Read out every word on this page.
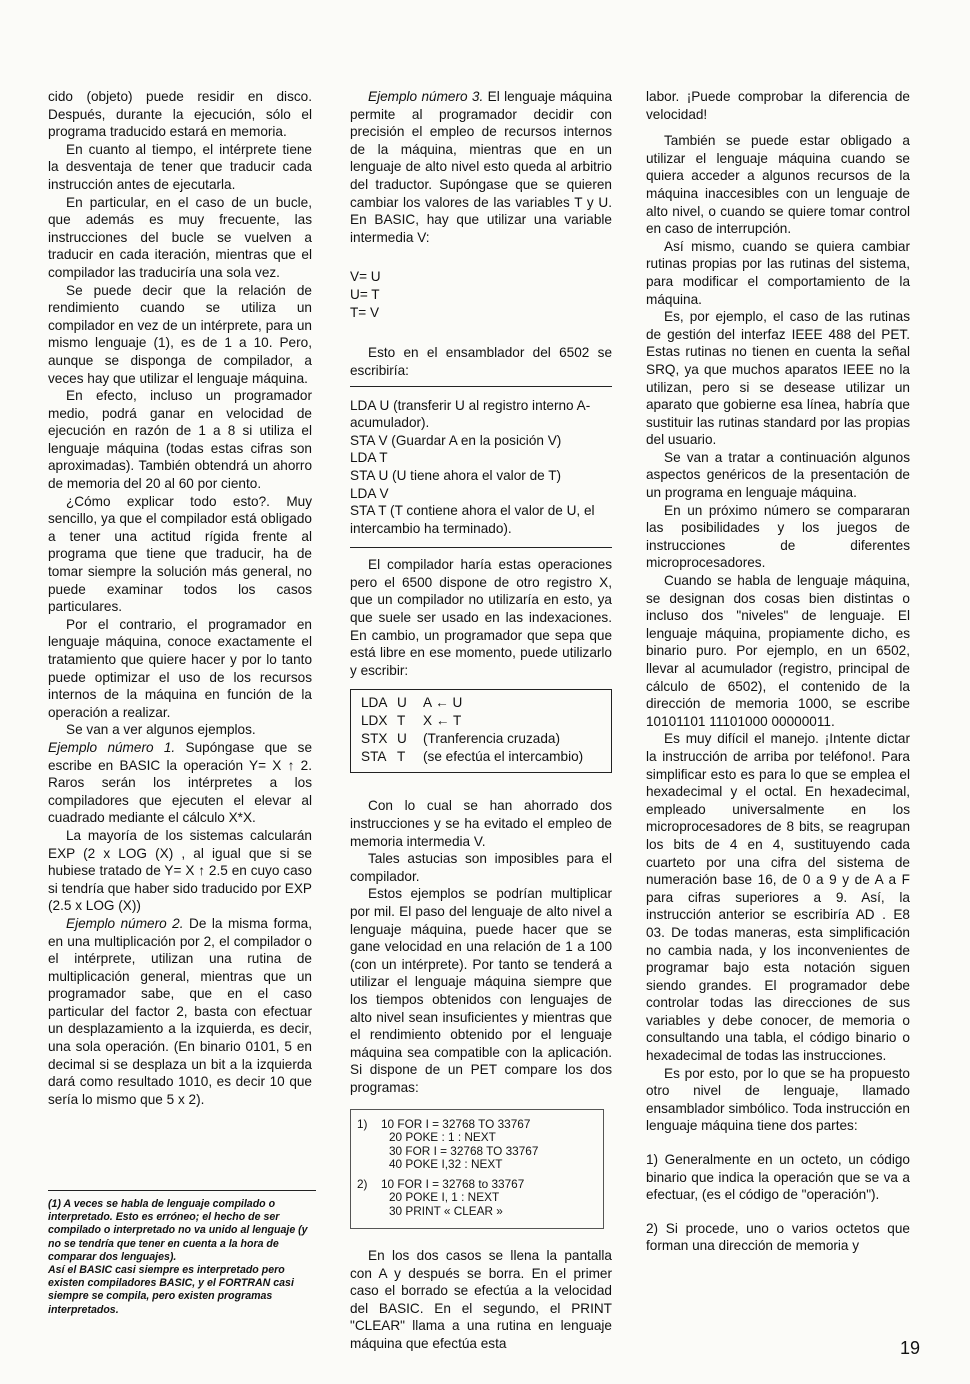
cido (objeto) puede residir en disco. Después, durante la ejecución, sólo el programa traducido estará en memoria.

En cuanto al tiempo, el intérprete tiene la desventaja de tener que traducir cada instrucción antes de ejecutarla.

En particular, en el caso de un bucle, que además es muy frecuente, las instrucciones del bucle se vuelven a traducir en cada iteración, mientras que el compilador las traduciría una sola vez.

Se puede decir que la relación de rendimiento cuando se utiliza un compilador en vez de un intérprete, para un mismo lenguaje (1), es de 1 a 10. Pero, aunque se disponga de compilador, a veces hay que utilizar el lenguaje máquina.

En efecto, incluso un programador medio, podrá ganar en velocidad de ejecución en razón de 1 a 8 si utiliza el lenguaje máquina (todas estas cifras son aproximadas). También obtendrá un ahorro de memoria del 20 al 60 por ciento.

¿Cómo explicar todo esto?. Muy sencillo, ya que el compilador está obligado a tener una actitud rígida frente al programa que tiene que traducir, ha de tomar siempre la solución más general, no puede examinar todos los casos particulares.

Por el contrario, el programador en lenguaje máquina, conoce exactamente el tratamiento que quiere hacer y por lo tanto puede optimizar el uso de los recursos internos de la máquina en función de la operación a realizar.

Se van a ver algunos ejemplos.

Ejemplo número 1. Supóngase que se escribe en BASIC la operación Y= X ↑ 2. Raros serán los intérpretes a los compiladores que ejecuten el elevar al cuadrado mediante el cálculo X*X.

La mayoría de los sistemas calcularán EXP (2 x LOG (X) , al igual que si se hubiese tratado de Y= X ↑ 2.5 en cuyo caso si tendría que haber sido traducido por EXP (2.5 x LOG (X))

Ejemplo número 2. De la misma forma, en una multiplicación por 2, el compilador o el intérprete, utilizan una rutina de multiplicación general, mientras que un programador sabe, que en el caso particular del factor 2, basta con efectuar un desplazamiento a la izquierda, es decir, una sola operación. (En binario 0101, 5 en decimal si se desplaza un bit a la izquierda dará como resultado 1010, es decir 10 que sería lo mismo que 5 x 2).

(1) A veces se habla de lenguaje compilado o interpretado. Esto es erróneo; el hecho de ser compilado o interpretado no va unido al lenguaje (y no se tendría que tener en cuenta a la hora de comparar dos lenguajes).
Así el BASIC casi siempre es interpretado pero existen compiladores BASIC, y el FORTRAN casi siempre se compila, pero existen programas interpretados.

Ejemplo número 3. El lenguaje máquina permite al programador decidir con precisión el empleo de recursos internos de la máquina, mientras que en un lenguaje de alto nivel esto queda al arbitrio del traductor. Supóngase que se quieren cambiar los valores de las variables T y U. En BASIC, hay que utilizar una variable intermedia V:

V= U
U= T
T= V

Esto en el ensamblador del 6502 se escribiría:

LDA U (transferir U al registro interno A-acumulador).
STA V (Guardar A en la posición V)
LDA T
STA U (U tiene ahora el valor de T)
LDA V
STA T (T contiene ahora el valor de U, el intercambio ha terminado).

El compilador haría estas operaciones pero el 6500 dispone de otro registro X, que un compilador no utilizaría en esto, ya que suele ser usado en las indexaciones. En cambio, un programador que sepa que está libre en ese momento, puede utilizarlo y escribir:

LDA U	A ← U
LDX T	X ← T
STX U	(Tranferencia cruzada)
STA T	(se efectúa el intercambio)

Con lo cual se han ahorrado dos instrucciones y se ha evitado el empleo de memoria intermedia V.

Tales astucias son imposibles para el compilador.

Estos ejemplos se podrían multiplicar por mil. El paso del lenguaje de alto nivel a lenguaje máquina, puede hacer que se gane velocidad en una relación de 1 a 100 (con un intérprete). Por tanto se tenderá a utilizar el lenguaje máquina siempre que los tiempos obtenidos con lenguajes de alto nivel sean insuficientes y mientras que el rendimiento obtenido por el lenguaje máquina sea compatible con la aplicación. Si dispone de un PET compare los dos programas:

1)	10 FOR I = 32768 TO 33767
20 POKE : 1 : NEXT
30 FOR I = 32768 TO 33767
40 POKE I,32 : NEXT
2)	10 FOR I = 32768 to 33767
20 POKE I, 1 : NEXT
30 PRINT « CLEAR »

En los dos casos se llena la pantalla con A y después se borra. En el primer caso el borrado se efectúa a la velocidad del BASIC. En el segundo, el PRINT "CLEAR" llama a una rutina en lenguaje máquina que efectúa esta

labor. ¡Puede comprobar la diferencia de velocidad!

También se puede estar obligado a utilizar el lenguaje máquina cuando se quiera acceder a algunos recursos de la máquina inaccesibles con un lenguaje de alto nivel, o cuando se quiere tomar control en caso de interrupción.

Así mismo, cuando se quiera cambiar rutinas propias por las rutinas del sistema, para modificar el comportamiento de la máquina.

Es, por ejemplo, el caso de las rutinas de gestión del interfaz IEEE 488 del PET. Estas rutinas no tienen en cuenta la señal SRQ, ya que muchos aparatos IEEE no la utilizan, pero si se desease utilizar un aparato que gobierne esa línea, habría que sustituir las rutinas standard por las propias del usuario.

Se van a tratar a continuación algunos aspectos genéricos de la presentación de un programa en lenguaje máquina.

En un próximo número se compararan las posibilidades y los juegos de instrucciones de diferentes microprocesadores.

Cuando se habla de lenguaje máquina, se designan dos cosas bien distintas o incluso dos "niveles" de lenguaje. El lenguaje máquina, propiamente dicho, es binario puro. Por ejemplo, en un 6502, llevar al acumulador (registro, principal de cálculo de 6502), el contenido de la dirección de memoria 1000, se escribe 10101101 11101000 00000011.

Es muy difícil el manejo. ¡Intente dictar la instrucción de arriba por teléfono!. Para simplificar esto es para lo que se emplea el hexadecimal y el octal. En hexadecimal, empleado universalmente en los microprocesadores de 8 bits, se reagrupan los bits de 4 en 4, sustituyendo cada cuarteto por una cifra del sistema de numeración base 16, de 0 a 9 y de A a F para cifras superiores a 9. Así, la instrucción anterior se escribiría AD . E8 03. De todas maneras, esta simplificación no cambia nada, y los inconvenientes de programar bajo esta notación siguen siendo grandes. El programador debe controlar todas las direcciones de sus variables y debe conocer, de memoria o consultando una tabla, el código binario o hexadecimal de todas las instrucciones.

Es por esto, por lo que se ha propuesto otro nivel de lenguaje, llamado ensamblador simbólico. Toda instrucción en lenguaje máquina tiene dos partes:

1) Generalmente en un octeto, un código binario que indica la operación que se va a efectuar, (es el código de "operación").

2) Si procede, uno o varios octetos que forman una dirección de memoria y

19
